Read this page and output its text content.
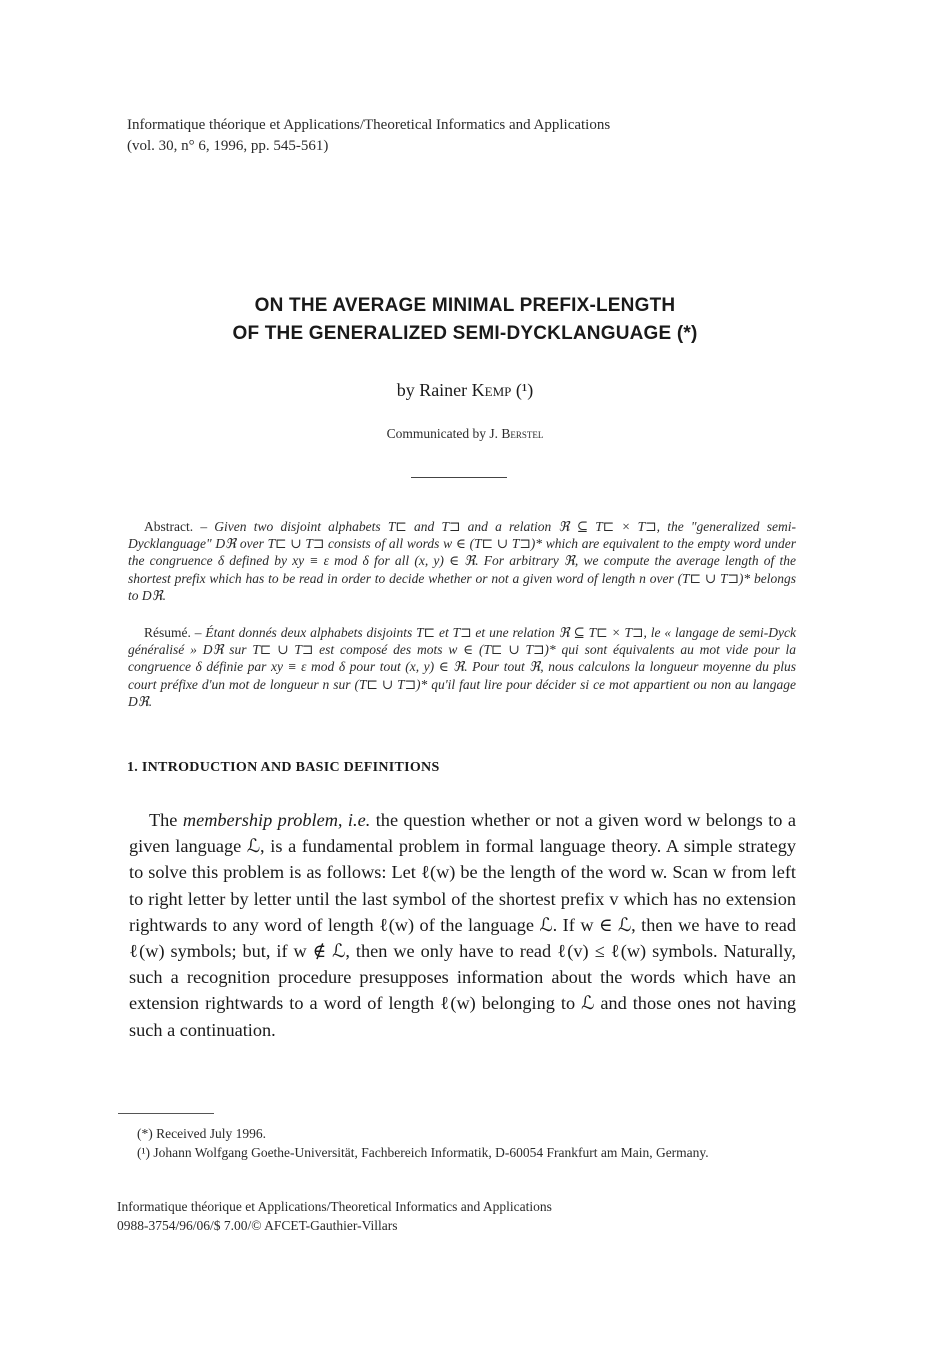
Informatique théorique et Applications/Theoretical Informatics and Applications
(vol. 30, n° 6, 1996, pp. 545-561)
ON THE AVERAGE MINIMAL PREFIX-LENGTH
OF THE GENERALIZED SEMI-DYCKLANGUAGE (*)
by Rainer Kemp (¹)
Communicated by J. Berstel
Abstract. – Given two disjoint alphabets T⊏ and T⊐ and a relation ℜ ⊆ T⊏ × T⊐, the "generalized semi-Dycklanguage" Dℜ over T⊏ ∪ T⊐ consists of all words w ∈ (T⊏ ∪ T⊐)* which are equivalent to the empty word under the congruence δ defined by xy ≡ ε mod δ for all (x, y) ∈ ℜ. For arbitrary ℜ, we compute the average length of the shortest prefix which has to be read in order to decide whether or not a given word of length n over (T⊏ ∪ T⊐)* belongs to Dℜ.
Résumé. – Étant donnés deux alphabets disjoints T⊏ et T⊐ et une relation ℜ ⊆ T⊏ × T⊐, le « langage de semi-Dyck généralisé » Dℜ sur T⊏ ∪ T⊐ est composé des mots w ∈ (T⊏ ∪ T⊐)* qui sont équivalents au mot vide pour la congruence δ définie par xy ≡ ε mod δ pour tout (x, y) ∈ ℜ. Pour tout ℜ, nous calculons la longueur moyenne du plus court préfixe d'un mot de longueur n sur (T⊏ ∪ T⊐)* qu'il faut lire pour décider si ce mot appartient ou non au langage Dℜ.
1. INTRODUCTION AND BASIC DEFINITIONS
The membership problem, i.e. the question whether or not a given word w belongs to a given language ℒ, is a fundamental problem in formal language theory. A simple strategy to solve this problem is as follows: Let ℓ(w) be the length of the word w. Scan w from left to right letter by letter until the last symbol of the shortest prefix v which has no extension rightwards to any word of length ℓ(w) of the language ℒ. If w ∈ ℒ, then we have to read ℓ(w) symbols; but, if w ∉ ℒ, then we only have to read ℓ(v) ≤ ℓ(w) symbols. Naturally, such a recognition procedure presupposes information about the words which have an extension rightwards to a word of length ℓ(w) belonging to ℒ and those ones not having such a continuation.
(*) Received July 1996.
(¹) Johann Wolfgang Goethe-Universität, Fachbereich Informatik, D-60054 Frankfurt am Main, Germany.
Informatique théorique et Applications/Theoretical Informatics and Applications
0988-3754/96/06/$ 7.00/© AFCET-Gauthier-Villars
